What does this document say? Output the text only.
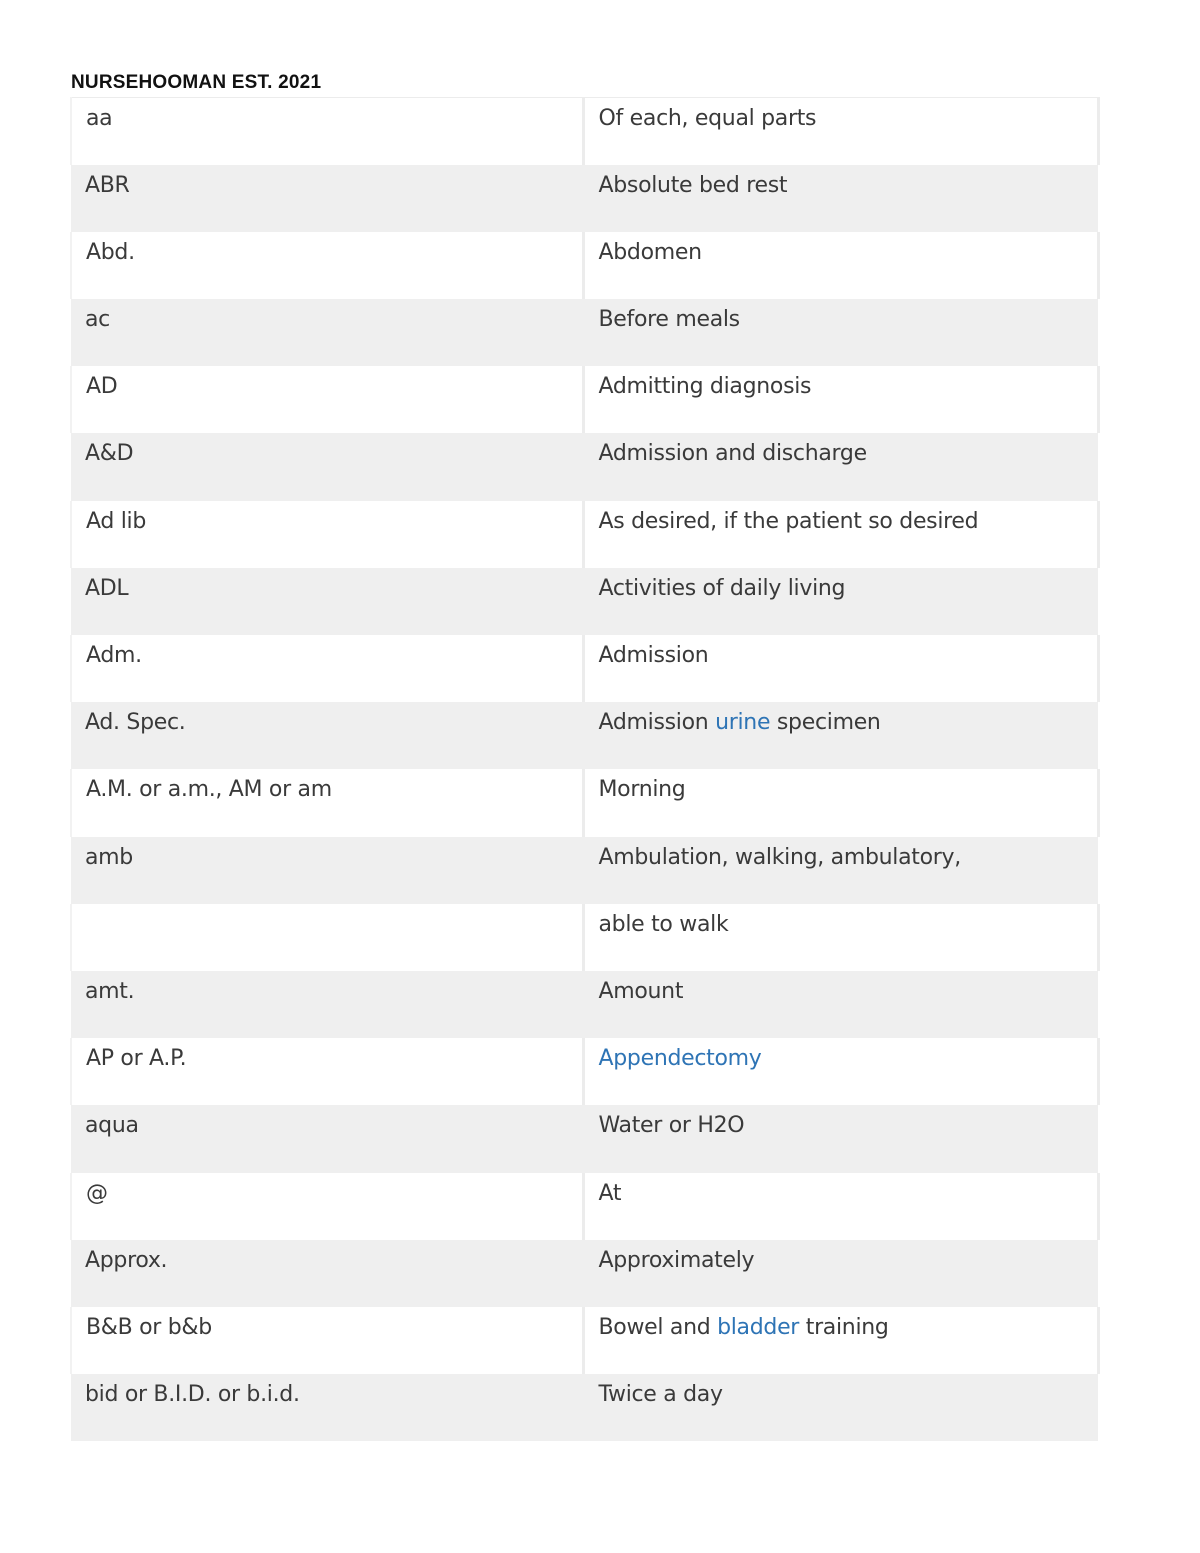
NURSEHOOMAN EST. 2021
aa	Of each, equal parts
ABR	Absolute bed rest
Abd.	Abdomen
ac	Before meals
AD	Admitting diagnosis
A&D	Admission and discharge
Ad lib	As desired, if the patient so desired
ADL	Activities of daily living
Adm.	Admission
Ad. Spec.	Admission urine specimen
A.M. or a.m., AM or am	Morning
amb	Ambulation, walking, ambulatory,
	able to walk
amt.	Amount
AP or A.P.	Appendectomy
aqua	Water or H2O
@	At
Approx.	Approximately
B&B or b&b	Bowel and bladder training
bid or B.I.D. or b.i.d.	Twice a day
